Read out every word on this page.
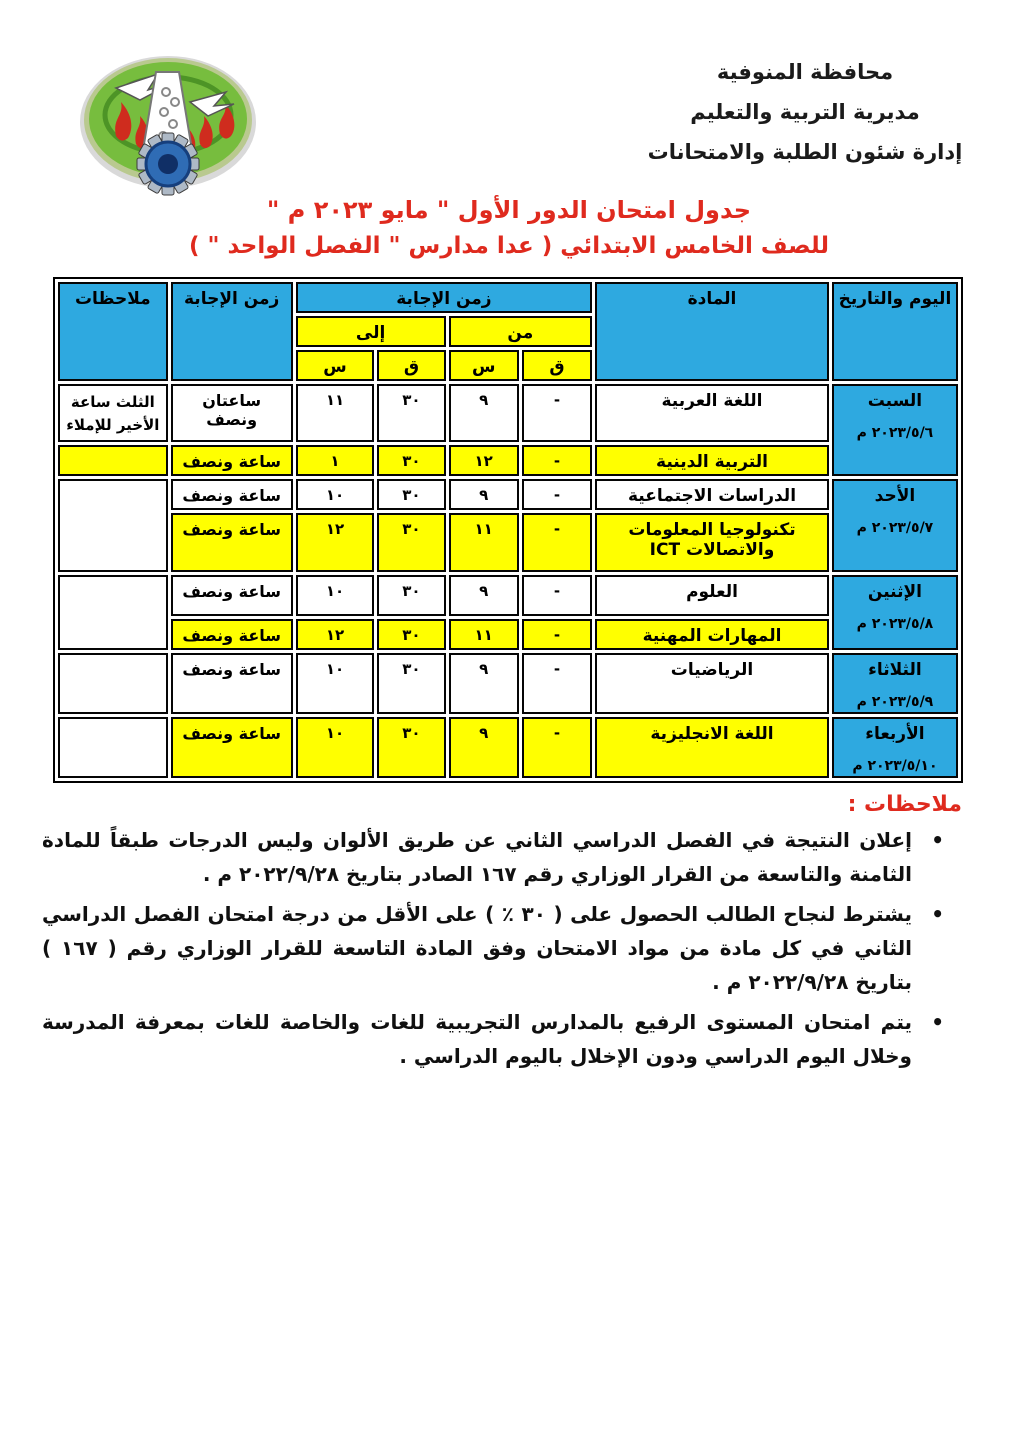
محافظة المنوفية
مديرية التربية والتعليم
إدارة شئون الطلبة والامتحانات
جدول امتحان الدور الأول " مايو ٢٠٢٣ م "
للصف الخامس الابتدائي ( عدا مدارس " الفصل الواحد " )
اليوم والتاريخ	المادة	زمن الإجابة				زمن الإجابة	ملاحظات
		من		إلى			
		ق	س	ق	س		

السبت
٢٠٢٣/٥/٦ م	اللغة العربية	-	٩	٣٠	١١	ساعتان ونصف	الثلث ساعة الأخير للإملاء
	التربية الدينية	-	١٢	٣٠	١	ساعة ونصف	

الأحد
٢٠٢٣/٥/٧ م	الدراسات الاجتماعية	-	٩	٣٠	١٠	ساعة ونصف	
	تكنولوجيا المعلومات والاتصالات ICT	-	١١	٣٠	١٢	ساعة ونصف	

الإثنين
٢٠٢٣/٥/٨ م	العلوم	-	٩	٣٠	١٠	ساعة ونصف	
	المهارات المهنية	-	١١	٣٠	١٢	ساعة ونصف	

الثلاثاء
٢٠٢٣/٥/٩ م	الرياضيات	-	٩	٣٠	١٠	ساعة ونصف	

الأربعاء
٢٠٢٣/٥/١٠ م	اللغة الانجليزية	-	٩	٣٠	١٠	ساعة ونصف	
ملاحظات :
•
إعلان النتيجة في الفصل الدراسي الثاني عن طريق الألوان وليس الدرجات طبقاً للمادة الثامنة والتاسعة من القرار الوزاري رقم ١٦٧ الصادر بتاريخ ٢٠٢٢/٩/٢٨ م .
•
يشترط لنجاح الطالب الحصول على ( ٣٠ ٪ ) على الأقل من درجة امتحان الفصل الدراسي الثاني في كل مادة من مواد الامتحان وفق المادة التاسعة للقرار الوزاري رقم ( ١٦٧ ) بتاريخ ٢٠٢٢/٩/٢٨ م .
•
يتم امتحان المستوى الرفيع بالمدارس التجريبية للغات والخاصة للغات بمعرفة المدرسة وخلال اليوم الدراسي ودون الإخلال باليوم الدراسي .
